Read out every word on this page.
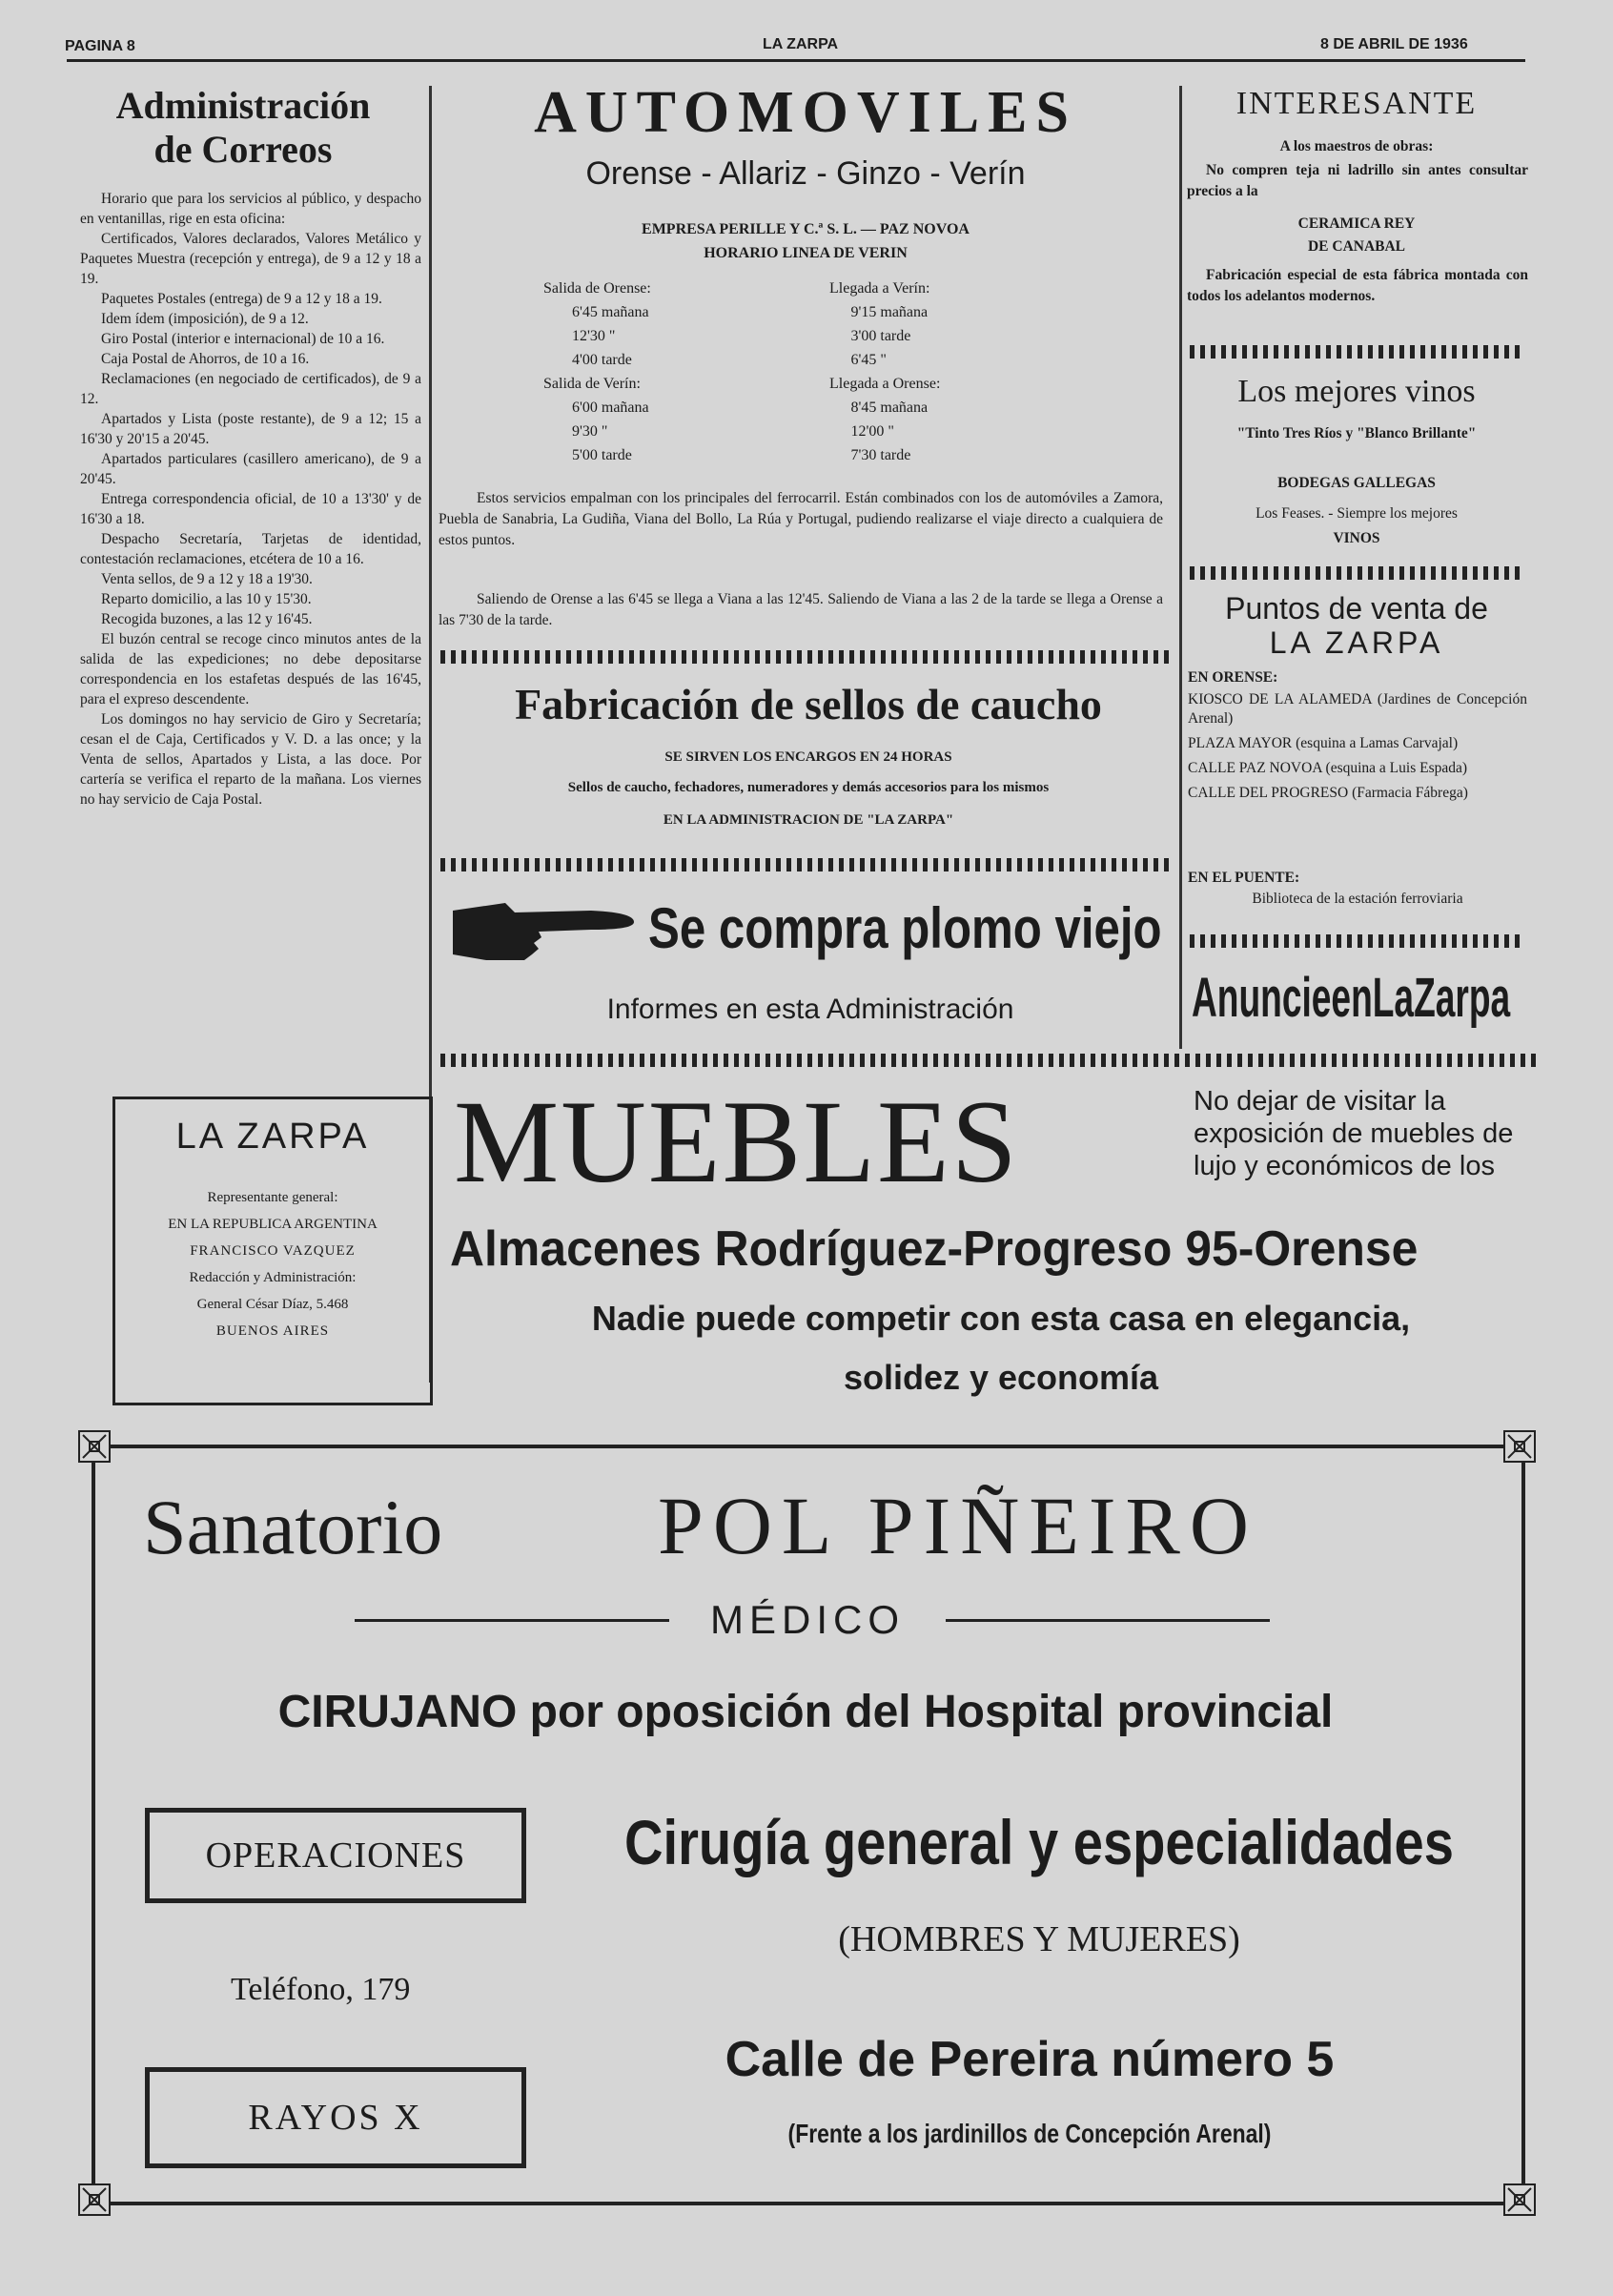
PAGINA 8	LA ZARPA	8 DE ABRIL DE 1936
Administración
de Correos

Horario que para los servicios al público, y despacho en ventanillas, rige en esta oficina:

Certificados, Valores declarados, Valores Metálico y Paquetes Muestra (recepción y entrega), de 9 a 12 y 18 a 19.

Paquetes Postales (entrega) de 9 a 12 y 18 a 19.

Idem ídem (imposición), de 9 a 12.

Giro Postal (interior e internacional) de 10 a 16.

Caja Postal de Ahorros, de 10 a 16.

Reclamaciones (en negociado de certificados), de 9 a 12.

Apartados y Lista (poste restante), de 9 a 12; 15 a 16'30 y 20'15 a 20'45.

Apartados particulares (casillero americano), de 9 a 20'45.

Entrega correspondencia oficial, de 10 a 13'30' y de 16'30 a 18.

Despacho Secretaría, Tarjetas de identidad, contestación reclamaciones, etcétera de 10 a 16.

Venta sellos, de 9 a 12 y 18 a 19'30.

Reparto domicilio, a las 10 y 15'30.

Recogida buzones, a las 12 y 16'45.

El buzón central se recoge cinco minutos antes de la salida de las expediciones; no debe depositarse correspondencia en los estafetas después de las 16'45, para el expreso descendente.

Los domingos no hay servicio de Giro y Secretaría; cesan el de Caja, Certificados y V. D. a las once; y la Venta de sellos, Apartados y Lista, a las doce. Por cartería se verifica el reparto de la mañana. Los viernes no hay servicio de Caja Postal.

LA ZARPA
Representante general:
EN LA REPUBLICA ARGENTINA
FRANCISCO VAZQUEZ
Redacción y Administración:
General César Díaz, 5.468
BUENOS AIRES
AUTOMOVILES
Orense - Allariz - Ginzo - Verín
EMPRESA PERILLE Y C.ª S. L. — PAZ NOVOA
HORARIO LINEA DE VERIN
Salida de Orense:	Llegada a Verín:
6'45 mañana	9'15 mañana
12'30 "	3'00 tarde
4'00 tarde	6'45 "
Salida de Verín:	Llegada a Orense:
6'00 mañana	8'45 mañana
9'30 "	12'00 "
5'00 tarde	7'30 tarde
Estos servicios empalman con los principales del ferrocarril. Están combinados con los de automóviles a Zamora, Puebla de Sanabria, La Gudiña, Viana del Bollo, La Rúa y Portugal, pudiendo realizarse el viaje directo a cualquiera de estos puntos.
Saliendo de Orense a las 6'45 se llega a Viana a las 12'45. Saliendo de Viana a las 2 de la tarde se llega a Orense a las 7'30 de la tarde.
Fabricación de sellos de caucho
SE SIRVEN LOS ENCARGOS EN 24 HORAS
Sellos de caucho, fechadores, numeradores y demás accesorios para los mismos
EN LA ADMINISTRACION DE "LA ZARPA"
Se compra plomo viejo
Informes en esta Administración
INTERESANTE
A los maestros de obras:
No compren teja ni ladrillo sin antes consultar precios a la
CERAMICA REY
DE CANABAL
Fabricación especial de esta fábrica montada con todos los adelantos modernos.
Los mejores vinos
"Tinto Tres Ríos y "Blanco Brillante"
BODEGAS GALLEGAS
Los Feases. - Siempre los mejores
VINOS
Puntos de venta de
LA ZARPA
EN ORENSE:
KIOSCO DE LA ALAMEDA (Jardines de Concepción Arenal)
PLAZA MAYOR (esquina a Lamas Carvajal)
CALLE PAZ NOVOA (esquina a Luis Espada)
CALLE DEL PROGRESO (Farmacia Fábrega)
EN EL PUENTE:
Biblioteca de la estación ferroviaria
AnuncieenLaZarpa
MUEBLES	No dejar de visitar la exposición de muebles de lujo y económicos de los
Almacenes Rodríguez-Progreso 95-Orense
Nadie puede competir con esta casa en elegancia,
solidez y economía
Sanatorio	POL PIÑEIRO
MÉDICO
CIRUJANO por oposición del Hospital provincial
OPERACIONES	Cirugía general y especialidades
(HOMBRES Y MUJERES)
Teléfono, 179
Calle de Pereira número 5
RAYOS X	(Frente a los jardinillos de Concepción Arenal)
